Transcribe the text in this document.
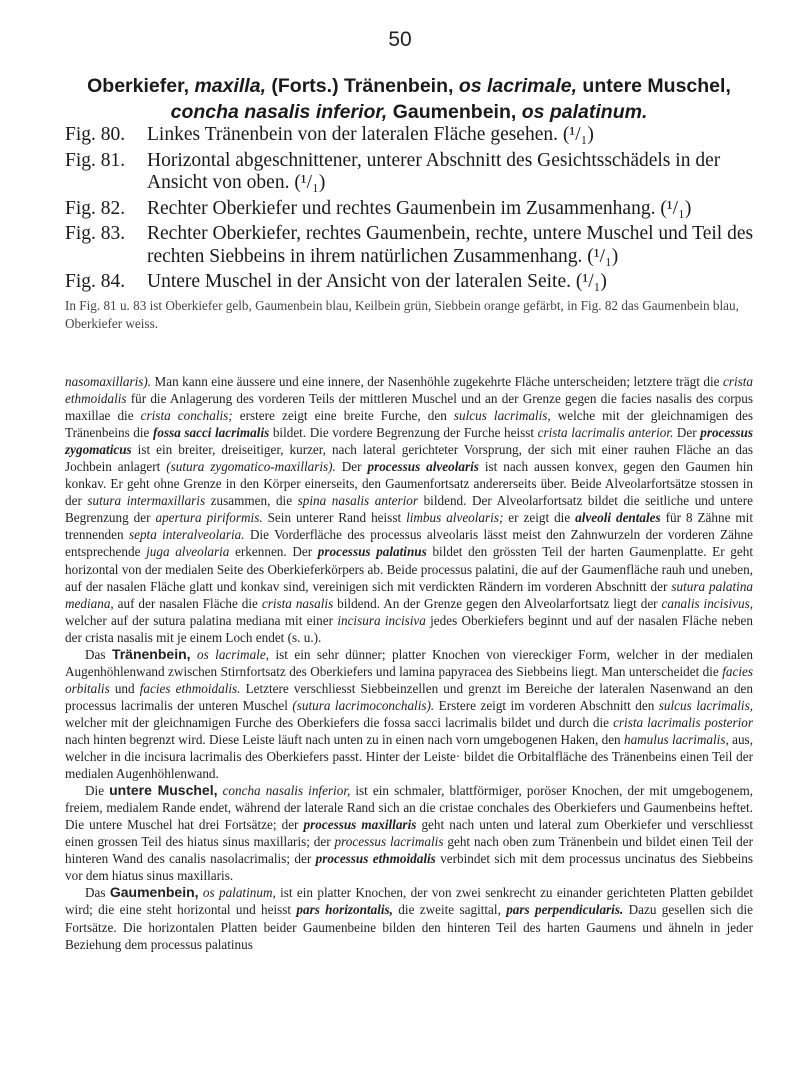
50
Oberkiefer, maxilla, (Forts.) Tränenbein, os lacrimale, untere Muschel, concha nasalis inferior, Gaumenbein, os palatinum.
Fig. 80.	Linkes Tränenbein von der lateralen Fläche gesehen. (¹/₁)
Fig. 81.	Horizontal abgeschnittener, unterer Abschnitt des Gesichtsschädels in der Ansicht von oben. (¹/₁)
Fig. 82.	Rechter Oberkiefer und rechtes Gaumenbein im Zusammenhang. (¹/₁)
Fig. 83.	Rechter Oberkiefer, rechtes Gaumenbein, rechte, untere Muschel und Teil des rechten Siebbeins in ihrem natürlichen Zusammenhang. (¹/₁)
Fig. 84.	Untere Muschel in der Ansicht von der lateralen Seite. (¹/₁)

In Fig. 81 u. 83 ist Oberkiefer gelb, Gaumenbein blau, Keilbein grün, Siebbein orange gefärbt, in Fig. 82 das Gaumenbein blau, Oberkiefer weiss.

nasomaxillaris). Man kann eine äussere und eine innere, der Nasenhöhle zugekehrte Fläche unterscheiden; letztere trägt die crista ethmoidalis für die Anlagerung des vorderen Teils der mittleren Muschel und an der Grenze gegen die facies nasalis des corpus maxillae die crista conchalis; erstere zeigt eine breite Furche, den sulcus lacrimalis, welche mit der gleichnamigen des Tränenbeins die fossa sacci lacrimalis bildet. Die vordere Begrenzung der Furche heisst crista lacrimalis anterior. Der processus zygomaticus ist ein breiter, dreiseitiger, kurzer, nach lateral gerichteter Vorsprung, der sich mit einer rauhen Fläche an das Jochbein anlagert (sutura zygomatico-maxillaris). Der processus alveolaris ist nach aussen konvex, gegen den Gaumen hin konkav. Er geht ohne Grenze in den Körper einerseits, den Gaumenfortsatz andererseits über. Beide Alveolarfortsätze stossen in der sutura intermaxillaris zusammen, die spina nasalis anterior bildend. Der Alveolarfortsatz bildet die seitliche und untere Begrenzung der apertura piriformis. Sein unterer Rand heisst limbus alveolaris; er zeigt die alveoli dentales für 8 Zähne mit trennenden septa interalveolaria. Die Vorderfläche des processus alveolaris lässt meist den Zahnwurzeln der vorderen Zähne entsprechende juga alveolaria erkennen. Der processus palatinus bildet den grössten Teil der harten Gaumenplatte. Er geht horizontal von der medialen Seite des Oberkieferkörpers ab. Beide processus palatini, die auf der Gaumenfläche rauh und uneben, auf der nasalen Fläche glatt und konkav sind, vereinigen sich mit verdickten Rändern im vorderen Abschnitt der sutura palatina mediana, auf der nasalen Fläche die crista nasalis bildend. An der Grenze gegen den Alveolarfortsatz liegt der canalis incisivus, welcher auf der sutura palatina mediana mit einer incisura incisiva jedes Oberkiefers beginnt und auf der nasalen Fläche neben der crista nasalis mit je einem Loch endet (s. u.).

Das Tränenbein, os lacrimale, ist ein sehr dünner; platter Knochen von viereckiger Form, welcher in der medialen Augenhöhlenwand zwischen Stirnfortsatz des Oberkiefers und lamina papyracea des Siebbeins liegt. Man unterscheidet die facies orbitalis und facies ethmoidalis. Letztere verschliesst Siebbeinzellen und grenzt im Bereiche der lateralen Nasenwand an den processus lacrimalis der unteren Muschel (sutura lacrimoconchalis). Erstere zeigt im vorderen Abschnitt den sulcus lacrimalis, welcher mit der gleichnamigen Furche des Oberkiefers die fossa sacci lacrimalis bildet und durch die crista lacrimalis posterior nach hinten begrenzt wird. Diese Leiste läuft nach unten zu in einen nach vorn umgebogenen Haken, den hamulus lacrimalis, aus, welcher in die incisura lacrimalis des Oberkiefers passt. Hinter der Leiste· bildet die Orbitalfläche des Tränenbeins einen Teil der medialen Augenhöhlenwand.

Die untere Muschel, concha nasalis inferior, ist ein schmaler, blattförmiger, poröser Knochen, der mit umgebogenem, freiem, medialem Rande endet, während der laterale Rand sich an die cristae conchales des Oberkiefers und Gaumenbeins heftet. Die untere Muschel hat drei Fortsätze; der processus maxillaris geht nach unten und lateral zum Oberkiefer und verschliesst einen grossen Teil des hiatus sinus maxillaris; der processus lacrimalis geht nach oben zum Tränenbein und bildet einen Teil der hinteren Wand des canalis nasolacrimalis; der processus ethmoidalis verbindet sich mit dem processus uncinatus des Siebbeins vor dem hiatus sinus maxillaris.

Das Gaumenbein, os palatinum, ist ein platter Knochen, der von zwei senkrecht zu einander gerichteten Platten gebildet wird; die eine steht horizontal und heisst pars horizontalis, die zweite sagittal, pars perpendicularis. Dazu gesellen sich die Fortsätze. Die horizontalen Platten beider Gaumenbeine bilden den hinteren Teil des harten Gaumens und ähneln in jeder Beziehung dem processus palatinus
